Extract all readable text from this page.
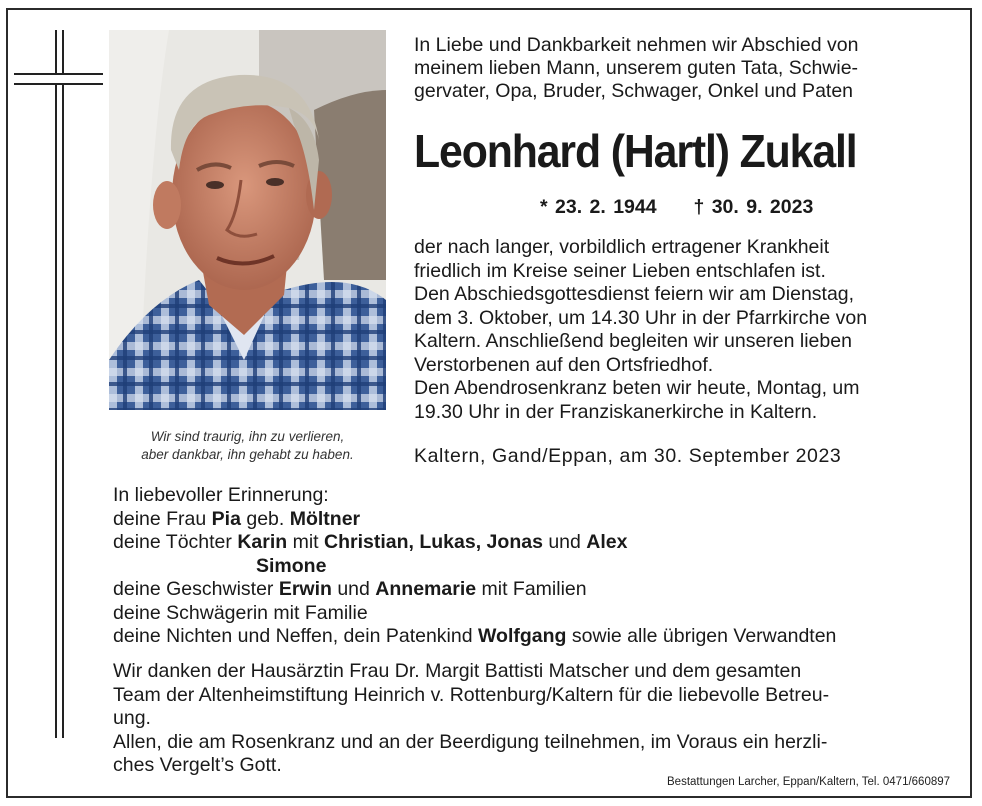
Wir sind traurig, ihn zu verlieren,
aber dankbar, ihn gehabt zu haben.
In Liebe und Dankbarkeit nehmen wir Abschied von
meinem lieben Mann, unserem guten Tata, Schwie-
gervater, Opa, Bruder, Schwager, Onkel und Paten
Leonhard (Hartl) Zukall
* 23. 2. 1944 † 30. 9. 2023
der nach langer, vorbildlich ertragener Krankheit
friedlich im Kreise seiner Lieben entschlafen ist.
Den Abschiedsgottesdienst feiern wir am Dienstag,
dem 3. Oktober, um 14.30 Uhr in der Pfarrkirche von
Kaltern. Anschließend begleiten wir unseren lieben
Verstorbenen auf den Ortsfriedhof.
Den Abendrosenkranz beten wir heute, Montag, um
19.30 Uhr in der Franziskanerkirche in Kaltern.
Kaltern, Gand/Eppan, am 30. September 2023
In liebevoller Erinnerung:
deine Frau Pia geb. Möltner
deine Töchter Karin mit Christian, Lukas, Jonas und Alex
Simone
deine Geschwister Erwin und Annemarie mit Familien
deine Schwägerin mit Familie
deine Nichten und Neffen, dein Patenkind Wolfgang sowie alle übrigen Verwandten
Wir danken der Hausärztin Frau Dr. Margit Battisti Matscher und dem gesamten
Team der Altenheimstiftung Heinrich v. Rottenburg/Kaltern für die liebevolle Betreu-
ung.
Allen, die am Rosenkranz und an der Beerdigung teilnehmen, im Voraus ein herzli-
ches Vergelt’s Gott.
Bestattungen Larcher, Eppan/Kaltern, Tel. 0471/660897
